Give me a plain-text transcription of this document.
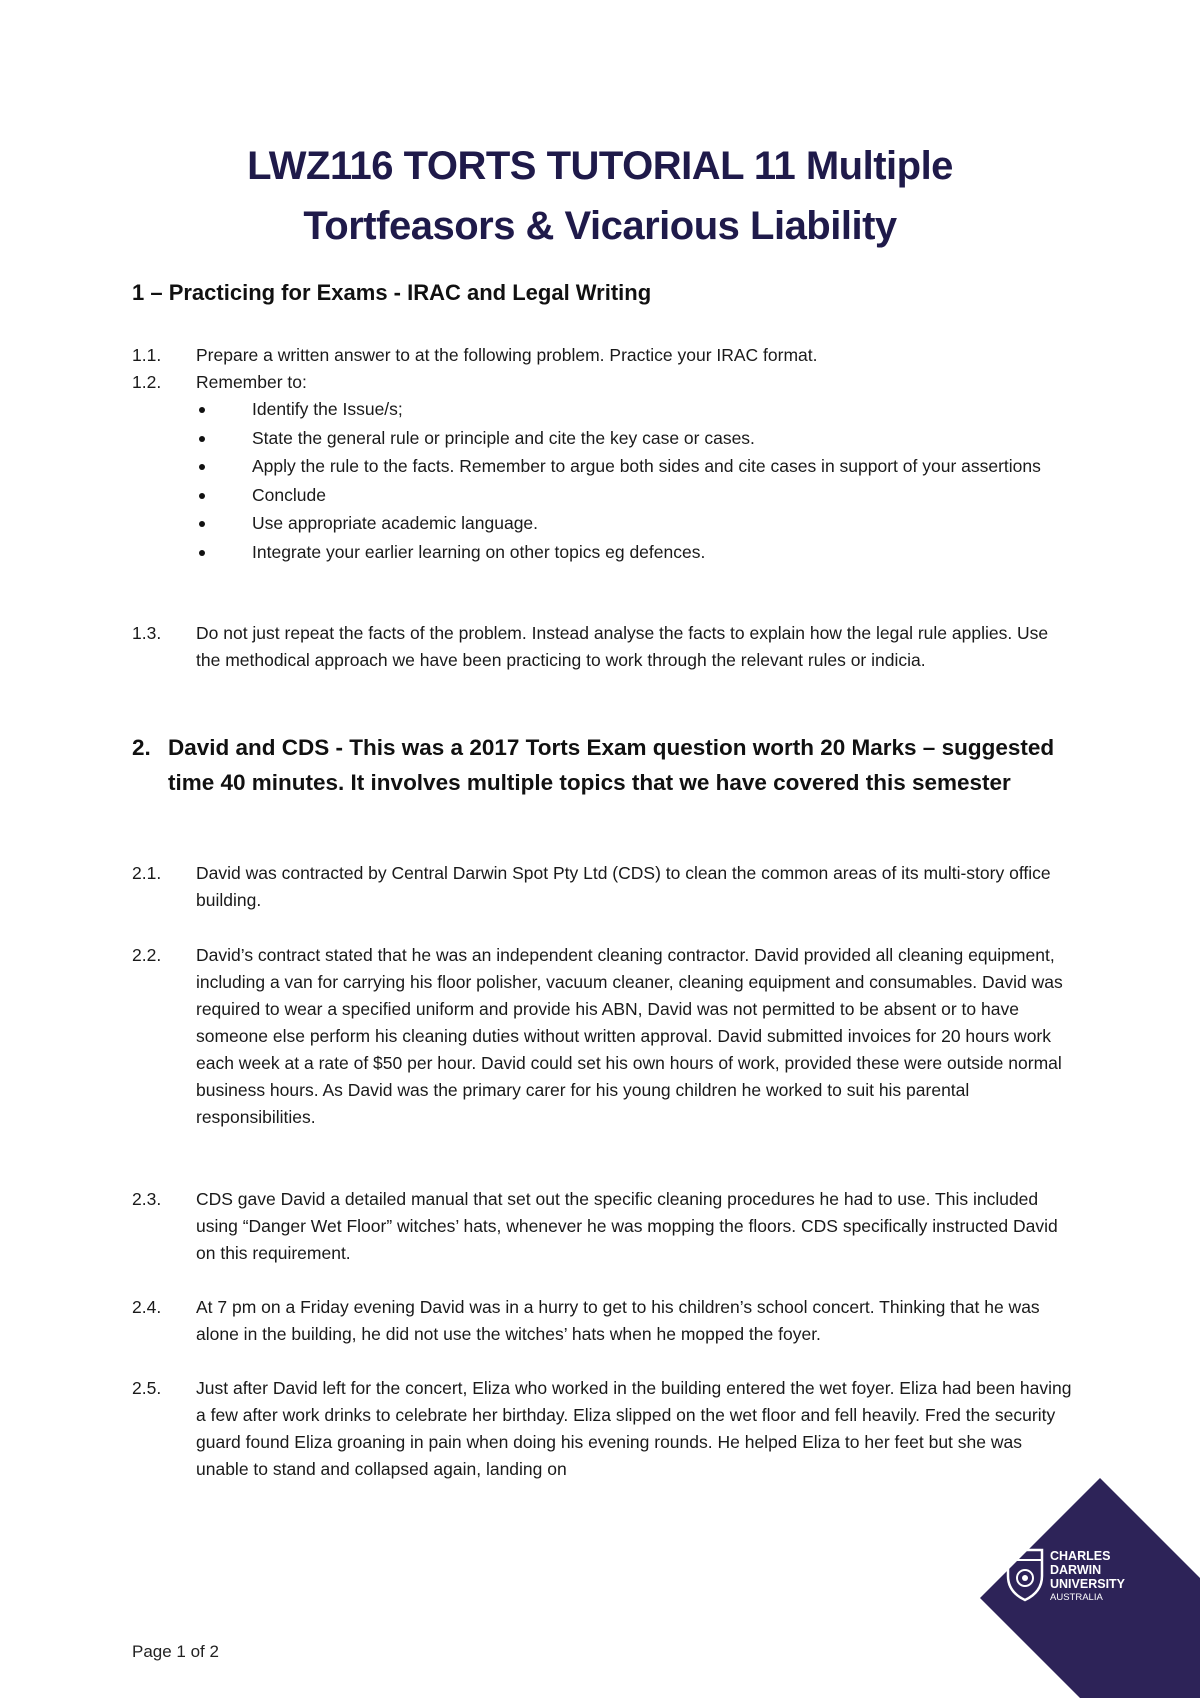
LWZ116 TORTS TUTORIAL 11 Multiple
Tortfeasors & Vicarious Liability
1 – Practicing for Exams - IRAC and Legal Writing
1.1.	Prepare a written answer to at the following problem. Practice your IRAC format.
1.2.	Remember to:
Identify the Issue/s;
State the general rule or principle and cite the key case or cases.
Apply the rule to the facts. Remember to argue both sides and cite cases in support of your assertions
Conclude
Use appropriate academic language.
Integrate your earlier learning on other topics eg defences.
1.3.	Do not just repeat the facts of the problem. Instead analyse the facts to explain how the legal rule applies. Use the methodical approach we have been practicing to work through the relevant rules or indicia.
2. David and CDS - This was a 2017 Torts Exam question worth 20 Marks – suggested time 40 minutes. It involves multiple topics that we have covered this semester
2.1.	David was contracted by Central Darwin Spot Pty Ltd (CDS) to clean the common areas of its multi-story office building.
2.2.	David’s contract stated that he was an independent cleaning contractor. David provided all cleaning equipment, including a van for carrying his floor polisher, vacuum cleaner, cleaning equipment and consumables. David was required to wear a specified uniform and provide his ABN, David was not permitted to be absent or to have someone else perform his cleaning duties without written approval. David submitted invoices for 20 hours work each week at a rate of $50 per hour. David could set his own hours of work, provided these were outside normal business hours. As David was the primary carer for his young children he worked to suit his parental responsibilities.
2.3.	CDS gave David a detailed manual that set out the specific cleaning procedures he had to use. This included using “Danger Wet Floor” witches’ hats, whenever he was mopping the floors. CDS specifically instructed David on this requirement.
2.4.	At 7 pm on a Friday evening David was in a hurry to get to his children’s school concert. Thinking that he was alone in the building, he did not use the witches’ hats when he mopped the foyer.
2.5.	Just after David left for the concert, Eliza who worked in the building entered the wet foyer. Eliza had been having a few after work drinks to celebrate her birthday. Eliza slipped on the wet floor and fell heavily. Fred the security guard found Eliza groaning in pain when doing his evening rounds. He helped Eliza to her feet but she was unable to stand and collapsed again, landing on
Page 1 of 2
CHARLES
DARWIN
UNIVERSITY
AUSTRALIA
